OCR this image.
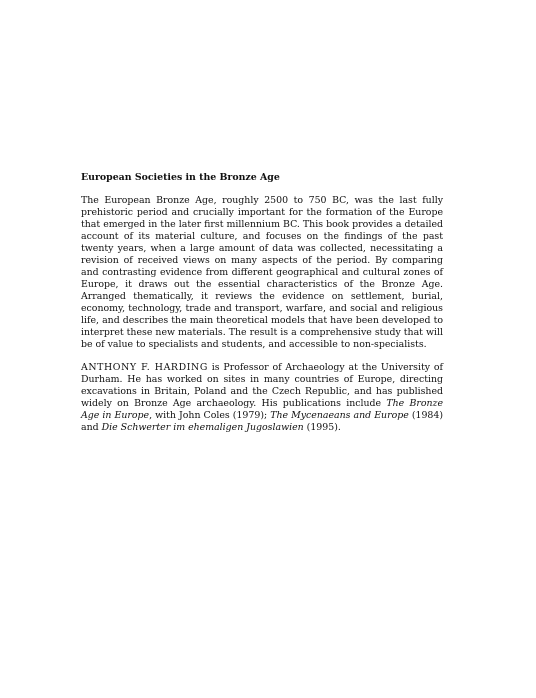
European Societies in the Bronze Age

The European Bronze Age, roughly 2500 to 750 BC, was the last fully prehistoric period and crucially important for the formation of the Europe that emerged in the later first millennium BC. This book provides a detailed account of its material culture, and focuses on the findings of the past twenty years, when a large amount of data was collected, necessitating a revision of received views on many aspects of the period. By comparing and contrasting evidence from different geographical and cultural zones of Europe, it draws out the essential characteristics of the Bronze Age. Arranged thematically, it reviews the evidence on settlement, burial, economy, technology, trade and transport, warfare, and social and religious life, and describes the main theoretical models that have been developed to interpret these new materials. The result is a comprehensive study that will be of value to specialists and students, and accessible to non-specialists.

ANTHONY F. HARDING is Professor of Archaeology at the University of Durham. He has worked on sites in many countries of Europe, directing excavations in Britain, Poland and the Czech Republic, and has published widely on Bronze Age archaeology. His publications include The Bronze Age in Europe, with John Coles (1979); The Mycenaeans and Europe (1984) and Die Schwerter im ehemaligen Jugoslawien (1995).
